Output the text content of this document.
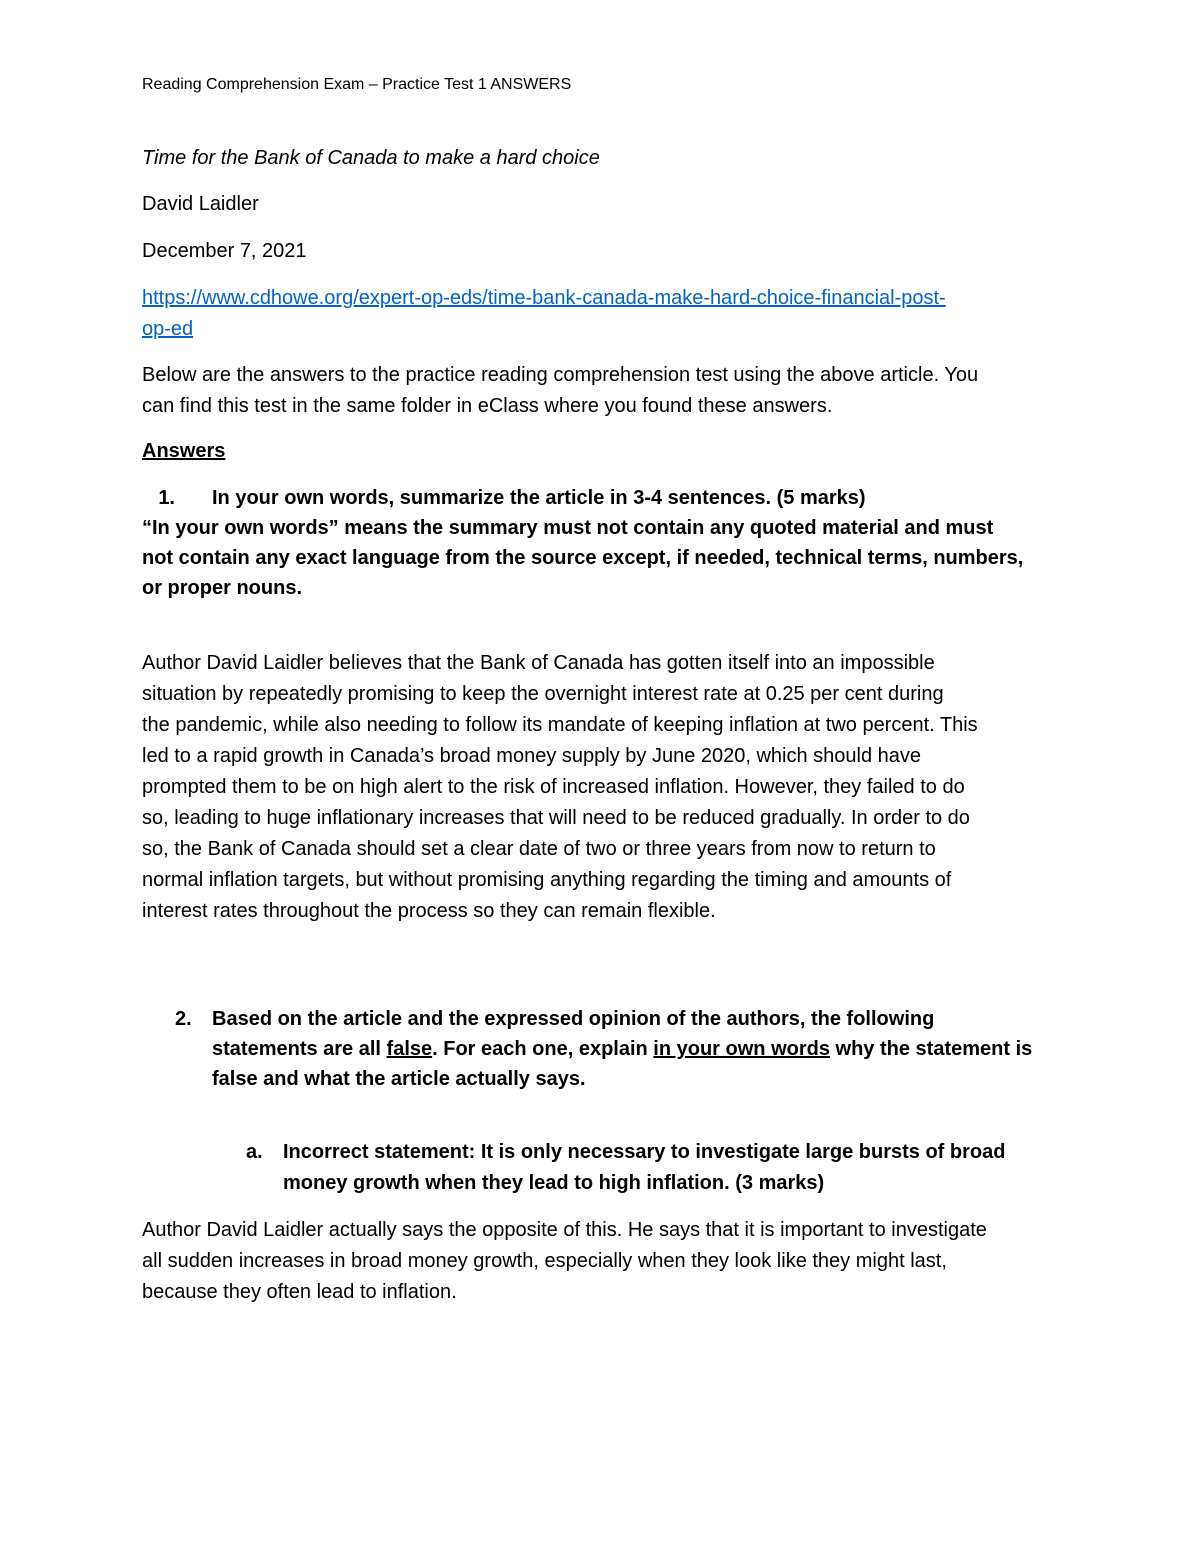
Reading Comprehension Exam – Practice Test 1 ANSWERS

Time for the Bank of Canada to make a hard choice

David Laidler

December 7, 2021

https://www.cdhowe.org/expert-op-eds/time-bank-canada-make-hard-choice-financial-post-
op-ed
Below are the answers to the practice reading comprehension test using the above article. You
can find this test in the same folder in eClass where you found these answers.

Answers

1. In your own words, summarize the article in 3-4 sentences. (5 marks)
“In your own words” means the summary must not contain any quoted material and must
not contain any exact language from the source except, if needed, technical terms, numbers,
or proper nouns.
Author David Laidler believes that the Bank of Canada has gotten itself into an impossible
situation by repeatedly promising to keep the overnight interest rate at 0.25 per cent during
the pandemic, while also needing to follow its mandate of keeping inflation at two percent. This
led to a rapid growth in Canada’s broad money supply by June 2020, which should have
prompted them to be on high alert to the risk of increased inflation. However, they failed to do
so, leading to huge inflationary increases that will need to be reduced gradually. In order to do
so, the Bank of Canada should set a clear date of two or three years from now to return to
normal inflation targets, but without promising anything regarding the timing and amounts of
interest rates throughout the process so they can remain flexible.
2. Based on the article and the expressed opinion of the authors, the following
statements are all false. For each one, explain in your own words why the statement is
false and what the article actually says.
a. Incorrect statement: It is only necessary to investigate large bursts of broad
money growth when they lead to high inflation. (3 marks)
Author David Laidler actually says the opposite of this. He says that it is important to investigate
all sudden increases in broad money growth, especially when they look like they might last,
because they often lead to inflation.
